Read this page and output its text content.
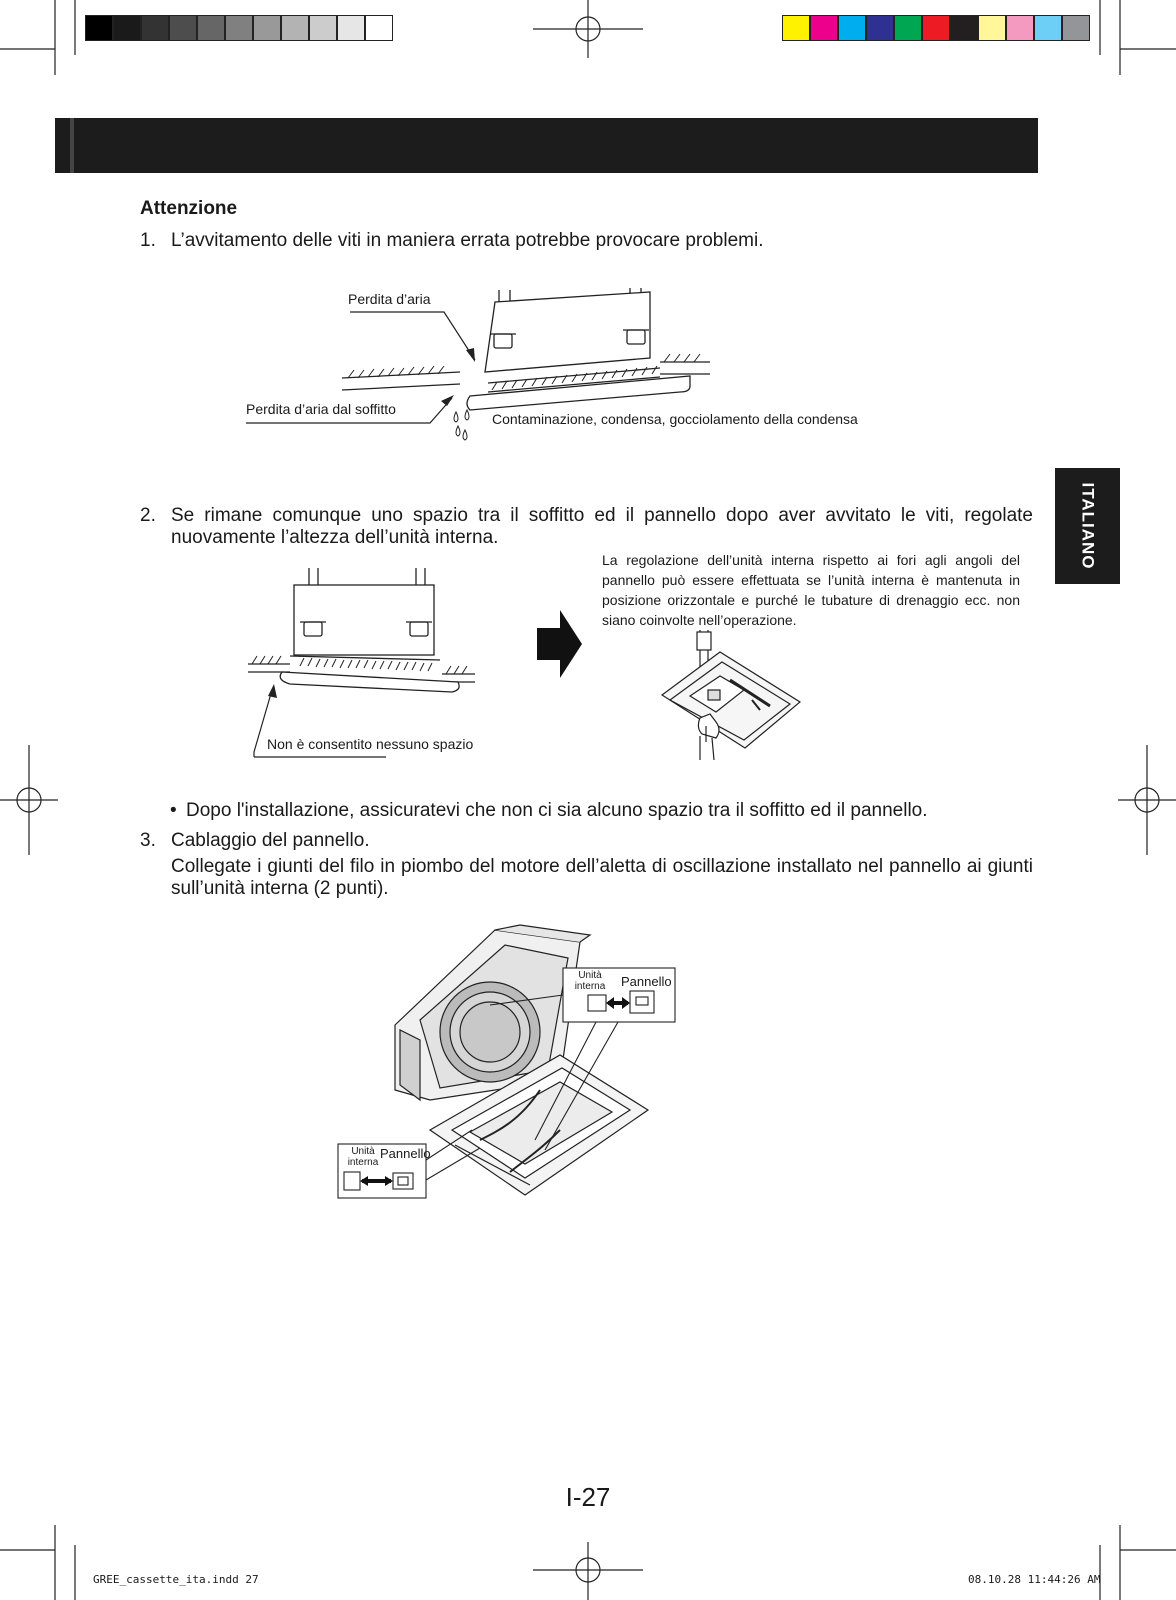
ITALIANO
Attenzione
1. L’avvitamento delle viti in maniera errata potrebbe provocare problemi.
Perdita d’aria
Perdita d’aria dal soffitto
Contaminazione, condensa, gocciolamento della condensa
2. Se rimane comunque uno spazio tra il soffitto ed il pannello dopo aver avvitato le viti, regolate nuovamente l’altezza dell’unità interna.
Non è consentito nessuno spazio
La regolazione dell’unità interna rispetto ai fori agli angoli del pannello può essere effettuata se l’unità interna è mantenuta in posizione orizzontale e purché le tubature di drenaggio ecc. non siano coinvolte nell’operazione.
• Dopo l'installazione, assicuratevi che non ci sia alcuno spazio tra il soffitto ed il pannello.
3. Cablaggio del pannello.
Collegate i giunti del filo in piombo del motore dell’aletta di oscillazione installato nel pannello ai giunti sull’unità interna (2 punti).
Unità interna	Pannello
Unità interna
Pannello
I-27
GREE_cassette_ita.indd 27	08.10.28 11:44:26 AM
